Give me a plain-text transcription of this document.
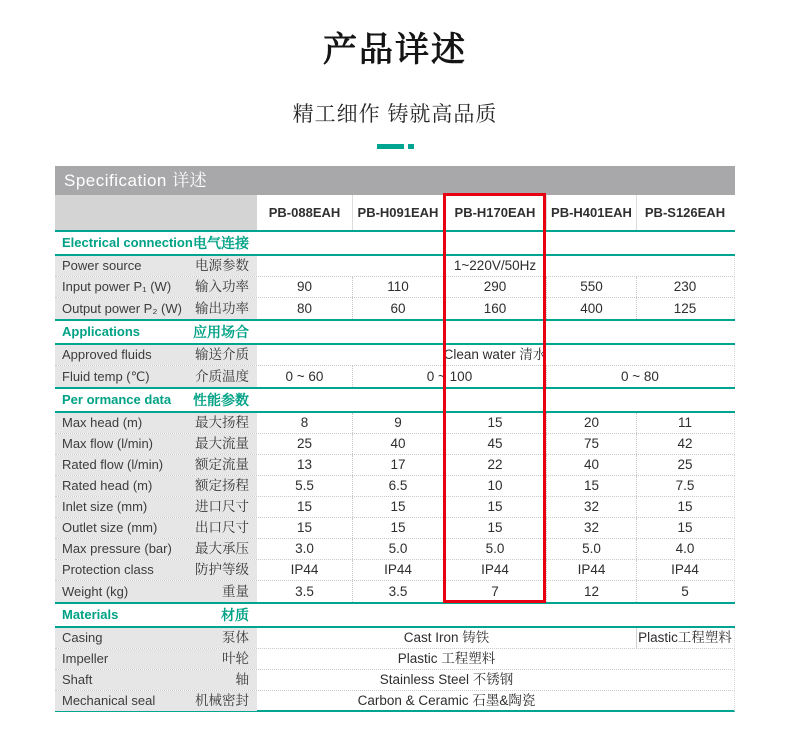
产品详述
精工细作 铸就高品质
Specification 详述
PB-088EAH	PB-H091EAH	PB-H170EAH	PB-H401EAH PB-S126EAH
Electrical connection 电气连接
Power source	电源参数	1~220V/50Hz
Input power P₁ (W) 输入功率	90	110	290	550	230
Output power P₂ (W) 输出功率	80	60	160	400	125
Applications	应用场合
Approved fluids	输送介质	Clean water 清水
Fluid temp (℃)	介质温度	0 ~ 60	0 ~ 100	0 ~ 80
Per ormance data 性能参数
Max head (m)	最大扬程	8	9	15	20	11
Max flow (l/min)	最大流量	25	40	45	75	42
Rated flow (l/min) 额定流量	13	17	22	40	25
Rated head (m)	额定扬程	5.5	6.5	10	15	7.5
Inlet size (mm)	进口尺寸	15	15	15	32	15
Outlet size (mm)	出口尺寸	15	15	15	32	15
Max pressure (bar) 最大承压	3.0	5.0	5.0	5.0	4.0
Protection class	防护等级	IP44	IP44	IP44	IP44	IP44
Weight (kg)	重量	3.5	3.5	7	12	5
Materials	材质
Casing	泵体	Cast Iron 铸铁	Plastic工程塑料
Impeller	叶轮	Plastic 工程塑料
Shaft	轴	Stainless Steel 不锈钢
Mechanical seal	机械密封	Carbon & Ceramic 石墨&陶瓷
